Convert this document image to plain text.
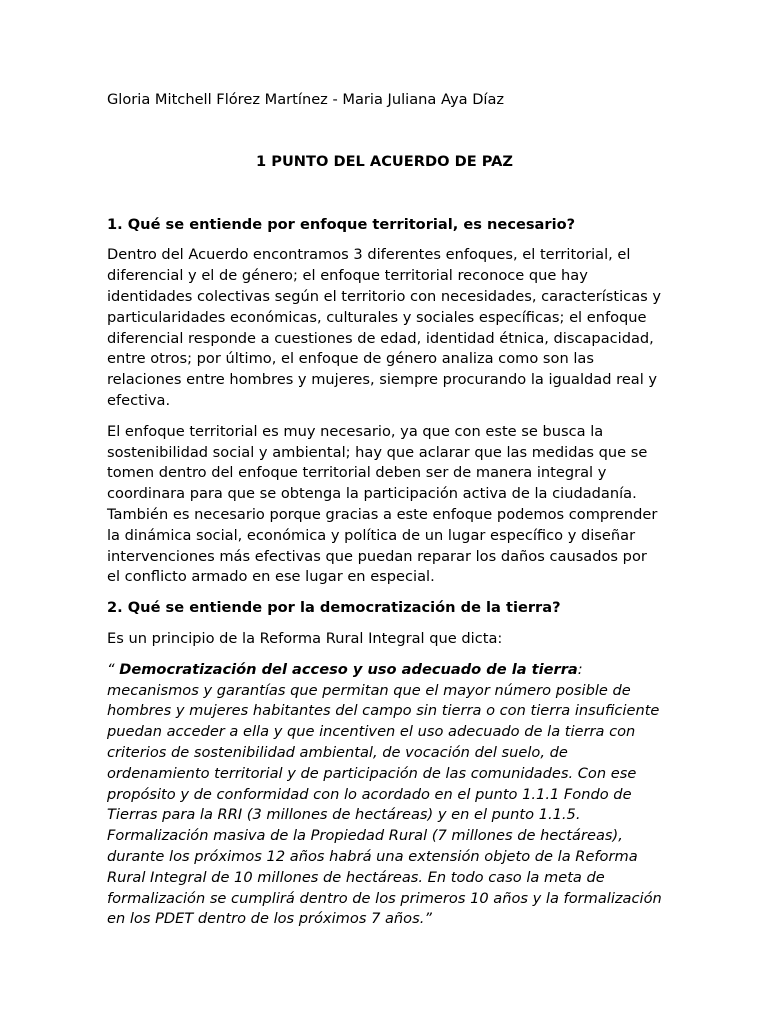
Gloria Mitchell Flórez Martínez - Maria Juliana Aya Díaz

1 PUNTO DEL ACUERDO DE PAZ

1. Qué se entiende por enfoque territorial, es necesario?

Dentro del Acuerdo encontramos 3 diferentes enfoques, el territorial, el diferencial y el de género; el enfoque territorial reconoce que hay identidades colectivas según el territorio con necesidades, características y particularidades económicas, culturales y sociales específicas; el enfoque diferencial responde a cuestiones de edad, identidad étnica, discapacidad, entre otros; por último, el enfoque de género analiza como son las relaciones entre hombres y mujeres, siempre procurando la igualdad real y efectiva.

El enfoque territorial es muy necesario, ya que con este se busca la sostenibilidad social y ambiental; hay que aclarar que las medidas que se tomen dentro del enfoque territorial deben ser de manera integral y coordinara para que se obtenga la participación activa de la ciudadanía. También es necesario porque gracias a este enfoque podemos comprender la dinámica social, económica y política de un lugar específico y diseñar intervenciones más efectivas que puedan reparar los daños causados por el conflicto armado en ese lugar en especial.

2. Qué se entiende por la democratización de la tierra?

Es un principio de la Reforma Rural Integral que dicta:

“ Democratización del acceso y uso adecuado de la tierra: mecanismos y garantías que permitan que el mayor número posible de hombres y mujeres habitantes del campo sin tierra o con tierra insuficiente puedan acceder a ella y que incentiven el uso adecuado de la tierra con criterios de sostenibilidad ambiental, de vocación del suelo, de ordenamiento territorial y de participación de las comunidades. Con ese propósito y de conformidad con lo acordado en el punto 1.1.1 Fondo de Tierras para la RRI (3 millones de hectáreas) y en el punto 1.1.5. Formalización masiva de la Propiedad Rural (7 millones de hectáreas), durante los próximos 12 años habrá una extensión objeto de la Reforma Rural Integral de 10 millones de hectáreas. En todo caso la meta de formalización se cumplirá dentro de los primeros 10 años y la formalización en los PDET dentro de los próximos 7 años.”
